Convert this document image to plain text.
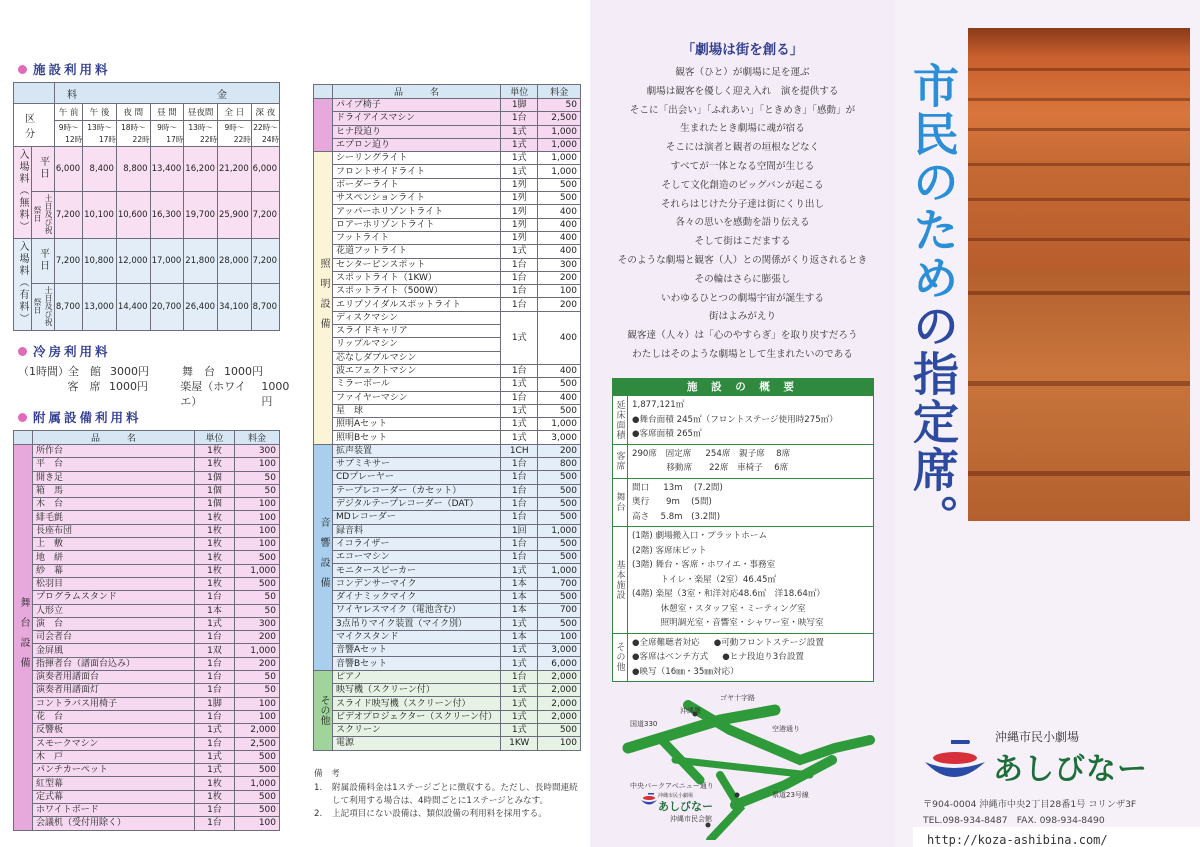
施設利用料
		料　　金						
区　分		午 前	午 後	夜 間	昼 間	昼夜間	全 日	深 夜
		9時〜	13時〜	18時〜	9時〜	13時〜	9時〜	22時〜
		12時	17時	22時	17時	22時	22時	24時
入場料（無料）	平日	6,000	8,400	8,800	13,400	16,200	21,200	6,000
	土日及び祝祭日	7,200	10,100	10,600	16,300	19,700	25,900	7,200
入場料（有料）	平日	7,200	10,800	12,000	17,000	21,800	28,000	7,200
	土日及び祝祭日	8,700	13,000	14,400	20,700	26,400	34,100	8,700
冷房利用料
（1時間） 全　館 3000円	舞　台 1000円
客　席 1000円	楽屋（ホワイエ）
1000円
附属設備利用料
	品　　　名	単位	料金
舞台設備	所作台	1枚	300
	平　台	1枚	100
	開き足	1個	50
	箱　馬	1個	50
	木　台	1個	100
	緋毛氈	1枚	100
	長座布団	1枚	100
	上　敷	1枚	100
	地　絣	1枚	500
	紗　幕	1枚	1,000
	松羽目	1枚	500
	プログラムスタンド	1台	50
	人形立	1本	50
	演　台	1式	300
	司会者台	1台	200
	金屏風	1双	1,000
	指揮者台（譜面台込み）	1台	200
	演奏者用譜面台	1台	50
	演奏者用譜面灯	1台	50
	コントラバス用椅子	1脚	100
	花　台	1台	100
	反響板	1式	2,000
	スモークマシン	1台	2,500
	木　戸	1式	500
	パンチカーペット	1式	500
	紅型幕	1枚	1,000
	定式幕	1枚	500
	ホワイトボード	1台	500
	会議机（受付用除く）	1台	100
	品　　　名	単位	料金
	パイプ椅子	1脚	50
	ドライアイスマシン	1台	2,500
	ヒナ段迫り	1式	1,000
	エプロン迫り	1式	1,000
照明設備	シーリングライト	1式	1,000
	フロントサイドライト	1式	1,000
	ボーダーライト	1列	500
	サスペンションライト	1列	500
	アッパーホリゾントライト	1列	400
	ロアーホリゾントライト	1列	400
	フットライト	1列	400
	花道フットライト	1式	400
	センターピンスポット	1台	300
	スポットライト（1KW）	1台	200
	スポットライト（500W）	1台	100
	エリプソイダルスポットライト	1台	200
	ディスクマシン	1式	400
	スライドキャリア		
	リップルマシン		
	芯なしダブルマシン		
	波エフェクトマシン	1台	400
	ミラーボール	1式	500
	ファイヤーマシン	1台	400
	星　球	1式	500
	照明Aセット	1式	1,000
	照明Bセット	1式	3,000
音響設備	拡声装置	1CH	200
	サブミキサー	1台	800
	CDプレーヤー	1台	500
	テープレコーダー（カセット）	1台	500
	デジタルテープレコーダー（DAT）	1台	500
	MDレコーダー	1台	500
	録音料	1回	1,000
	イコライザー	1台	500
	エコーマシン	1台	500
	モニタースピーカー	1式	1,000
	コンデンサーマイク	1本	700
	ダイナミックマイク	1本	500
	ワイヤレスマイク（電池含む）	1本	700
	3点吊りマイク装置（マイク別）	1式	500
	マイクスタンド	1本	100
	音響Aセット	1式	3,000
	音響Bセット	1式	6,000
その他	ピアノ	1台	2,000
	映写機（スクリーン付）	1式	2,000
	スライド映写機（スクリーン付）	1式	2,000
	ビデオプロジェクター（スクリーン付）	1式	2,000
	スクリーン	1式	500
	電源	1KW	100
備　考
1.	附属設備料金は1ステージごとに徴収する。ただし、長時間連続して利用する場合は、4時間ごとに1ステージとみなす。
2.	上記項目にない設備は、類似設備の利用料を採用する。
「劇場は街を創る」
観客（ひと）が劇場に足を運ぶ
劇場は観客を優しく迎え入れ　演を提供する
そこに「出会い」「ふれあい」「ときめき」「感動」が
生まれたとき劇場に魂が宿る
そこには演者と観者の垣根などなく
すべてが一体となる空間が生じる
そして文化創造のビッグバンが起こる
それらはじけた分子達は街にくり出し
各々の思いを感動を語り伝える
そして街はこだまする
そのような劇場と観客（人）との関係がくり返されるとき
その輪はさらに膨張し
いわゆるひとつの劇場宇宙が誕生する
街はよみがえり
観客達（人々）は「心のやすらぎ」を取り戻すだろう
わたしはそのような劇場として生まれたいのである
施 設 の 概 要
延床面積 1,877,121㎡
●舞台面積 245㎡（フロントステージ使用時275㎡）
●客席面積 265㎡
客席 290席　固定席　  254席　親子席　 8席
　　　　移動席　   22席　車椅子　 6席
舞台
間口　  13m　 (7.2間)
奥行　   9m　 (5間)
高さ　 5.8m　(3.2間)
基本施設
(1階) 劇場搬入口・プラットホーム
(2階) 客席床ピット
(3階) 舞台・客席・ホワイエ・事務室
　　　 トイレ・楽屋（2室）46.45㎡
(4階) 楽屋（3室・和洋対応48.6㎡　洋18.64㎡）
　　　 休憩室・スタッフ室・ミーティング室
　　　 照明調光室・音響室・シャワー室・映写室
その他 ●全席難聴者対応　  ●可動フロントステージ設置
●客席はベンチ方式　  ●ヒナ段迫り3台設置
●映写（16㎜・35㎜対応）
ゴヤ十字路
沖縄署
国道330
空港通り
中央パークアベニュー通り
県道23号線
沖縄市民会館
沖縄市民小劇場
あしびなー
市民のための指定席。
沖縄市民小劇場
あしびなー
〒904-0004 沖縄市中央2丁目28番1号 コリンザ3F
TEL.098-934-8487　FAX. 098-934-8490
http://koza-ashibina.com/
